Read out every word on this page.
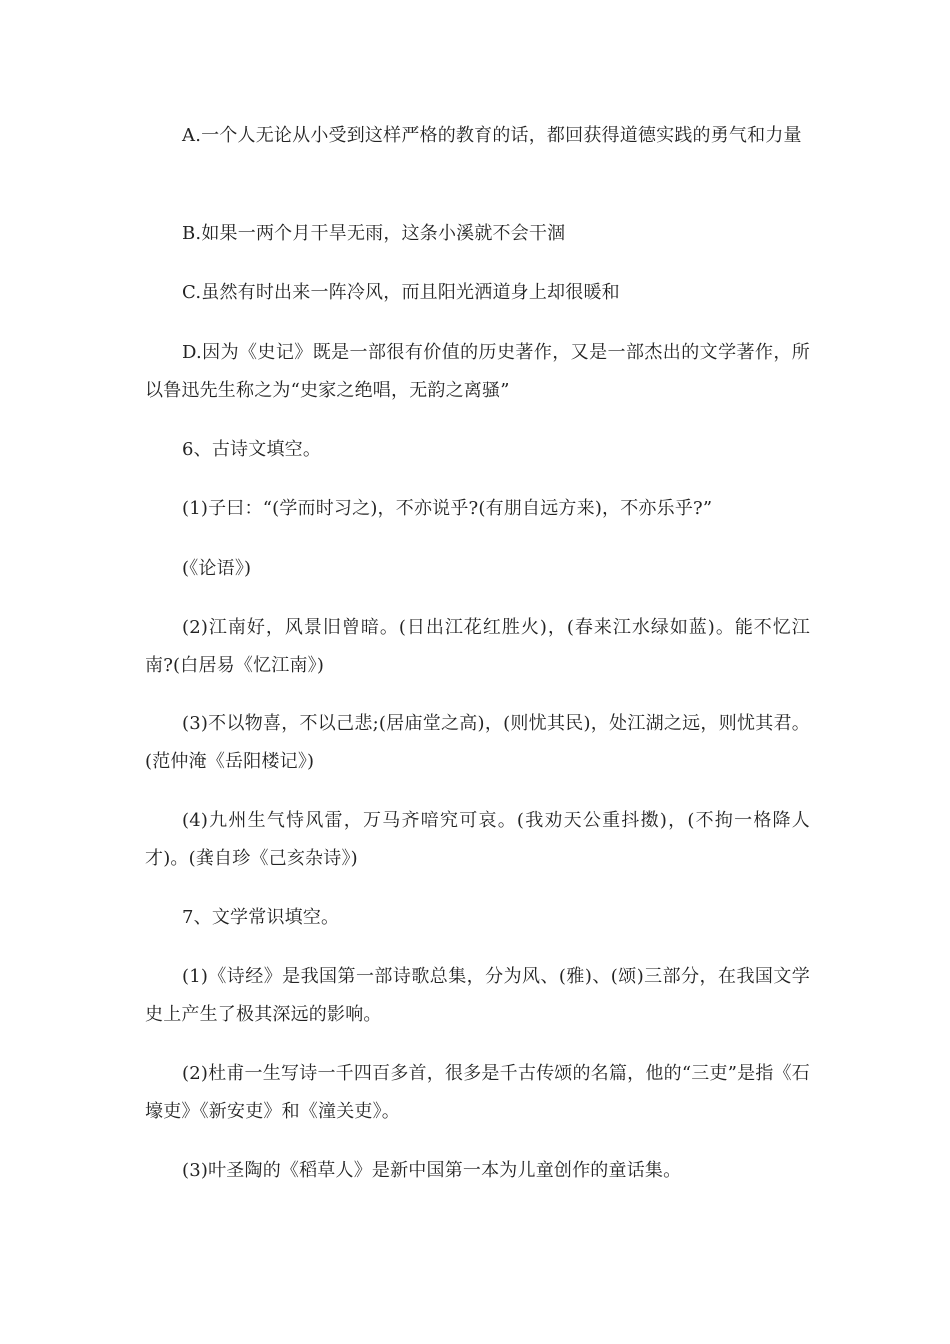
A.一个人无论从小受到这样严格的教育的话，都回获得道德实践的勇气和力量

B.如果一两个月干旱无雨，这条小溪就不会干涸

C.虽然有时出来一阵冷风，而且阳光洒道身上却很暖和

D.因为《史记》既是一部很有价值的历史著作，又是一部杰出的文学著作，所以鲁迅先生称之为“史家之绝唱，无韵之离骚”

6、古诗文填空。

(1)子曰：“(学而时习之)，不亦说乎?(有朋自远方来)，不亦乐乎?”

(《论语》)

(2)江南好，风景旧曾暗。(日出江花红胜火)，(春来江水绿如蓝)。能不忆江南?(白居易《忆江南》)

(3)不以物喜，不以己悲;(居庙堂之高)，(则忧其民)，处江湖之远，则忧其君。(范仲淹《岳阳楼记》)

(4)九州生气恃风雷，万马齐喑究可哀。(我劝天公重抖擞)，(不拘一格降人才)。(龚自珍《己亥杂诗》)

7、文学常识填空。

(1)《诗经》是我国第一部诗歌总集，分为风、(雅)、(颂)三部分，在我国文学史上产生了极其深远的影响。

(2)杜甫一生写诗一千四百多首，很多是千古传颂的名篇，他的“三吏”是指《石壕吏》《新安吏》和《潼关吏》。

(3)叶圣陶的《稻草人》是新中国第一本为儿童创作的童话集。
